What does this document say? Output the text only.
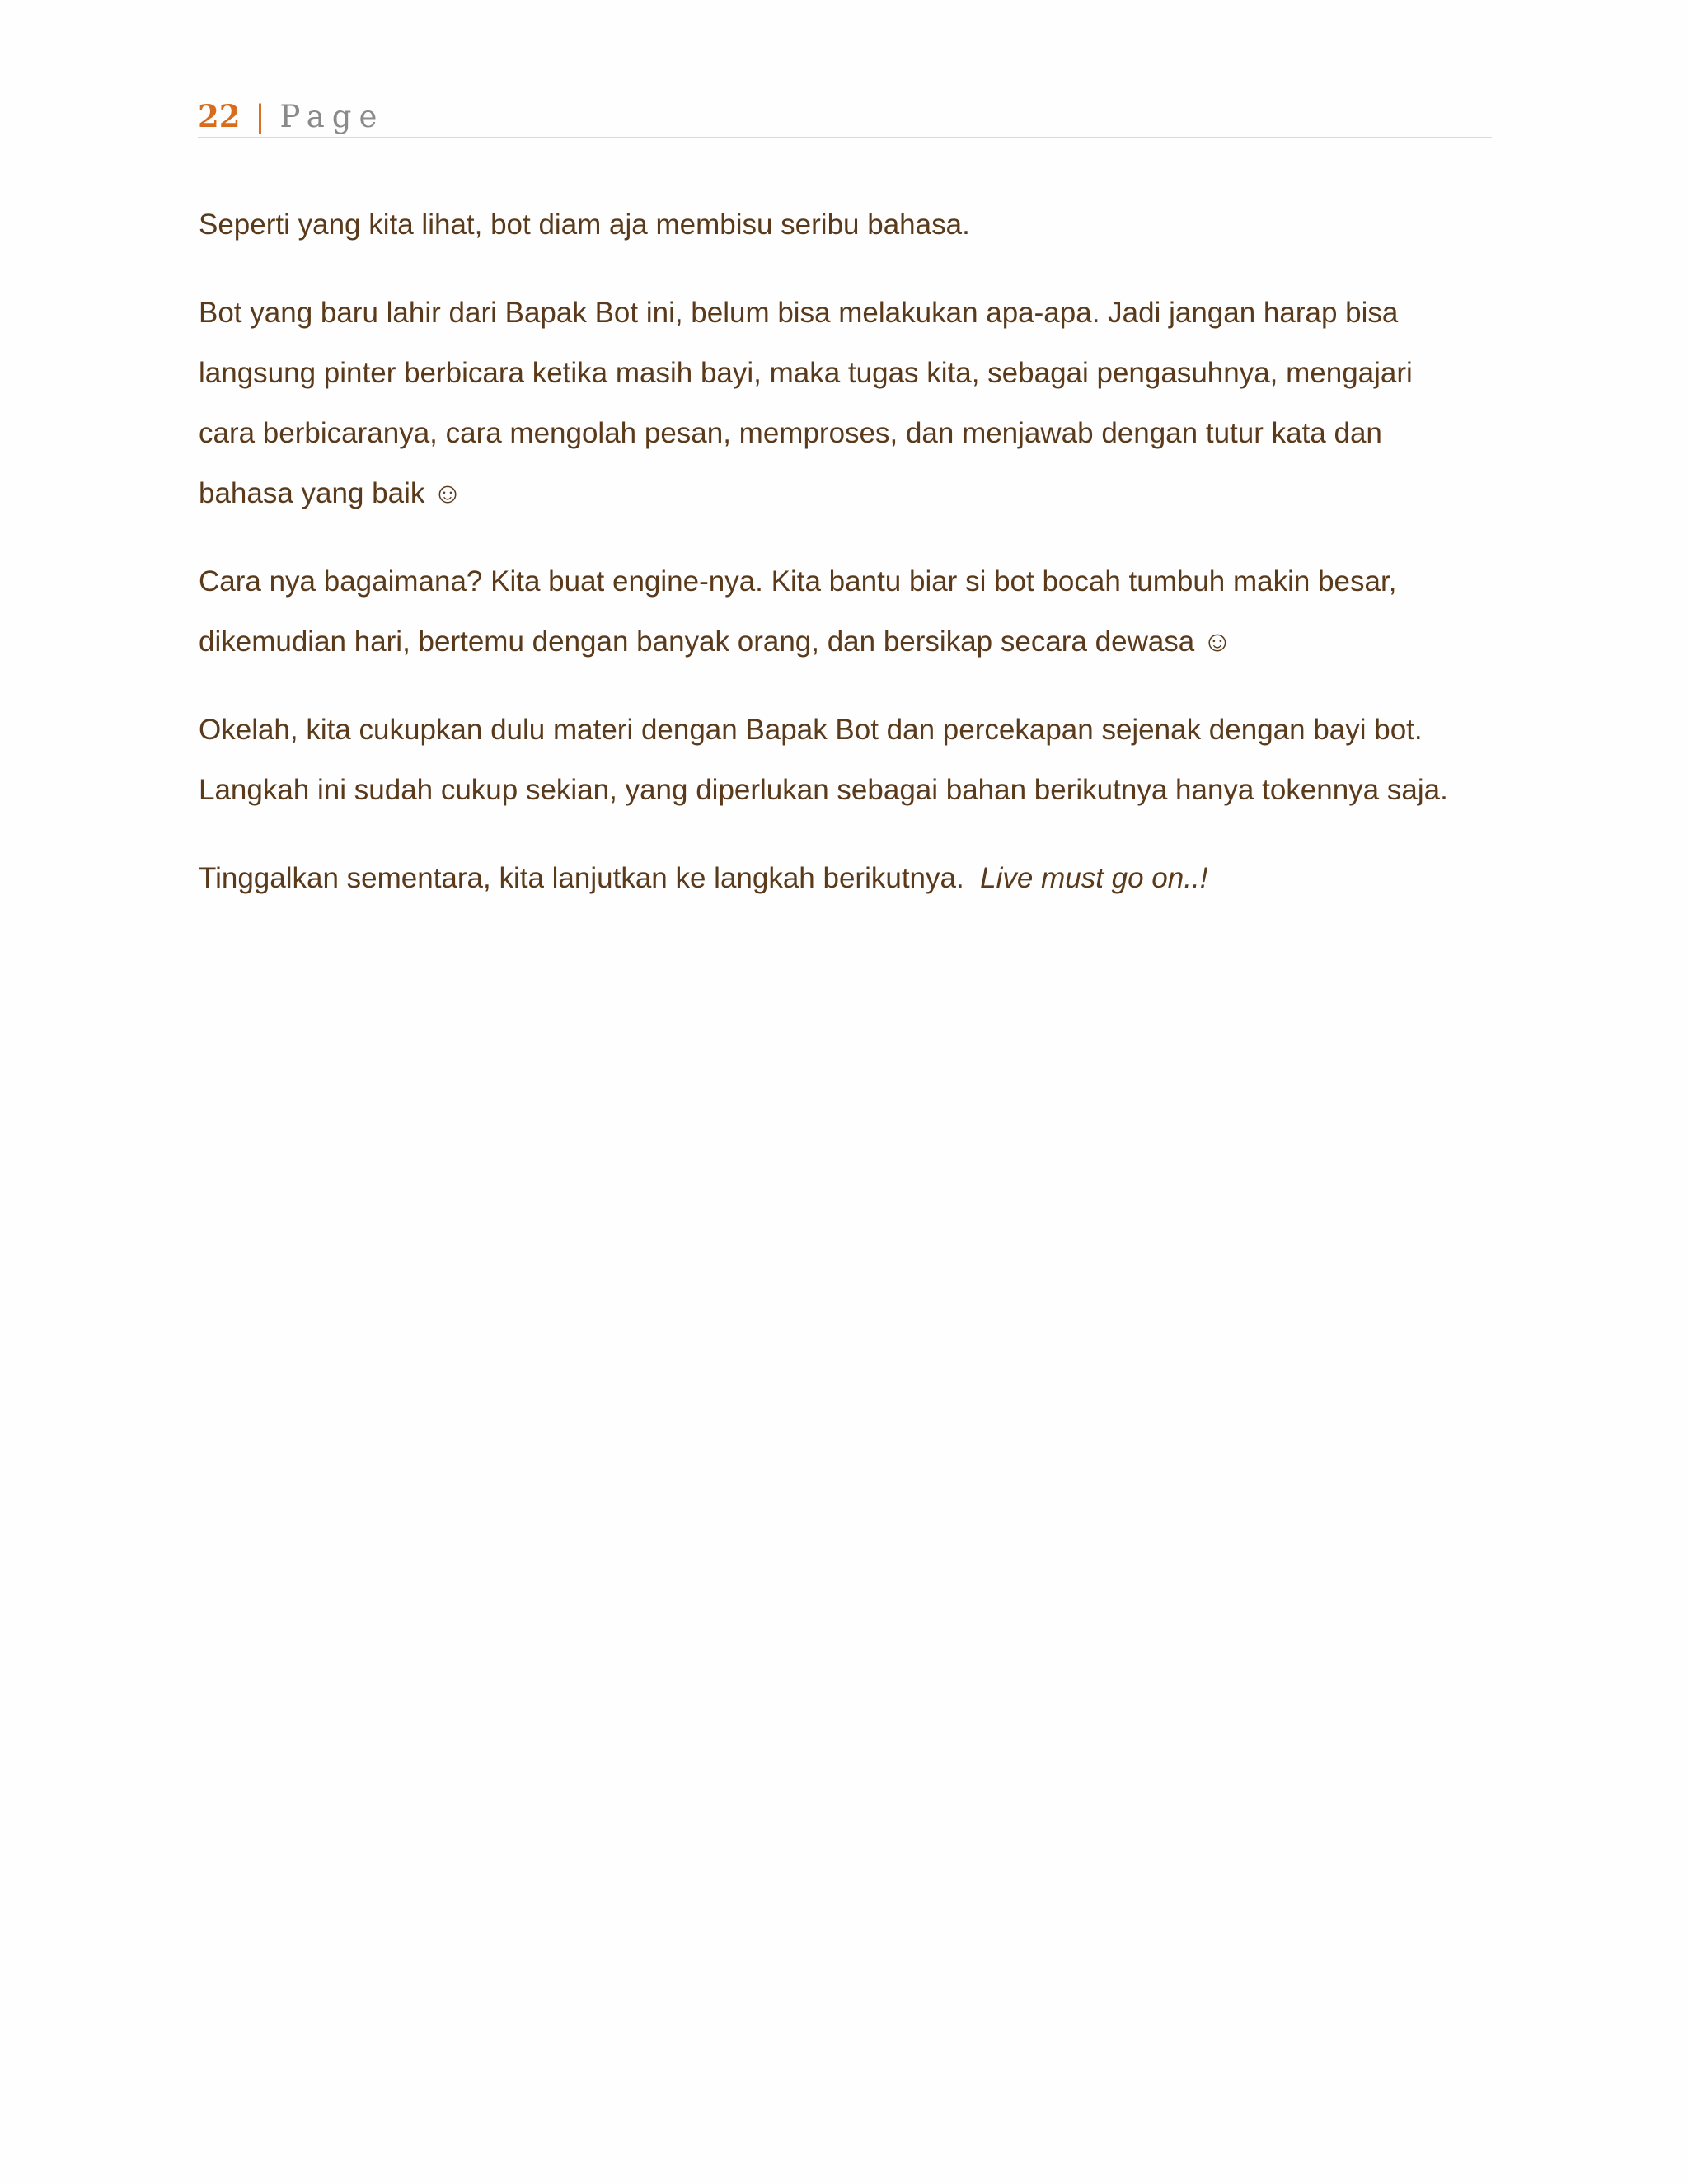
22 | Page

Seperti yang kita lihat, bot diam aja membisu seribu bahasa.

Bot yang baru lahir dari Bapak Bot ini, belum bisa melakukan apa-apa. Jadi jangan harap bisa
langsung pinter berbicara ketika masih bayi, maka tugas kita, sebagai pengasuhnya, mengajari
cara berbicaranya, cara mengolah pesan, memproses, dan menjawab dengan tutur kata dan
bahasa yang baik ☺

Cara nya bagaimana? Kita buat engine-nya. Kita bantu biar si bot bocah tumbuh makin besar,
dikemudian hari, bertemu dengan banyak orang, dan bersikap secara dewasa ☺

Okelah, kita cukupkan dulu materi dengan Bapak Bot dan percekapan sejenak dengan bayi bot.
Langkah ini sudah cukup sekian, yang diperlukan sebagai bahan berikutnya hanya tokennya saja.

Tinggalkan sementara, kita lanjutkan ke langkah berikutnya. Live must go on..!
